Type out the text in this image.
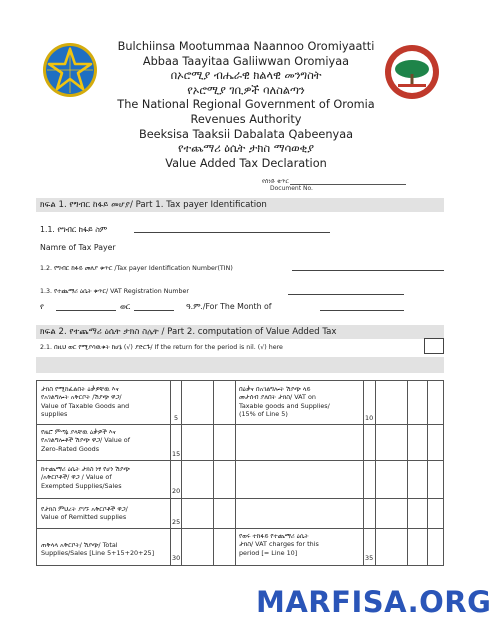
Bulchiinsa Mootummaa Naannoo Oromiyaatti
Abbaa Taayitaa Galiiwwan Oromiyaa
በኦሮሚያ ብሔራዊ ክልላዊ መንግስት
የኦሮሚያ ገቢዎች ባለስልጣን
The National Regional Government of Oromia
Revenues Authority
Beeksisa Taaksii Dabalata Qabeenyaa
የተጨማሪ ዕሴት ታክስ ማሳወቂያ
Value Added Tax Declaration
የሰነድ ቁጥር
Document No.
ክፍል 1. የግብር ከፋይ መሆያ/ Part 1. Tax payer Identification
1.1. የግብር ከፋይ ስም
Namre of Tax Payer
1.2. የግብር ከፋይ መለያ ቁጥር /Tax payer Identification Number(TIN)
1.3. የተጨማሪ ዕሴት ቁጥር/ VAT Registration Number
የ	ወር	ዓ.ም./For The Month of
ክፍል 2. የተጨማሪ ዕሴት ታክስ ስሌት / Part 2. computation of Value Added Tax
2.1. በዚህ ወር የሚያሳዉቁት ከሆኔ (√) ያድርጉ/ If the return for the period is nil. (√) here
ታክስ የሚከፈልበት ዕቃዎቸዉ እና
የአገልግሎት አቅርቦት /ሽያጭ ዋጋ/
Value of Taxable Goods and
supplies
5
በዕቃና በአገልግሎት ሽያጭ ላይ
መታሰብ ያለበት ታክስ/ VAT on
Taxable goods and Supplies/
(15% of Line 5)
10
የዜሮ ምጣኔ ያላቸዉ ዕቃዎች እና
የአገልግሎቶች ሽያጭ ዋጋ/ Value of
Zero-Rated Goods
15
ከተጨማሪ ዕሴት ታክስ ነፃ የሆነ ሽያጭ
/አቅርቦቶች/ ዋጋ / Value of
Exempted Supplies/Sales
20
የታክስ ምህረት ያገኙ አቅርቦቶች ዋጋ/
Value of Remitted supplies
25
ጠቅላላ አቅርቦት/ ሽያጭ/ Total
Supplies/Sales [Line 5+15+20+25]
30
የወሩ ተከፋይ የተጨማሪ ዕሴት
ታክስ/ VAT charges for this
period [= Line 10]
35
MARFISA.ORG
